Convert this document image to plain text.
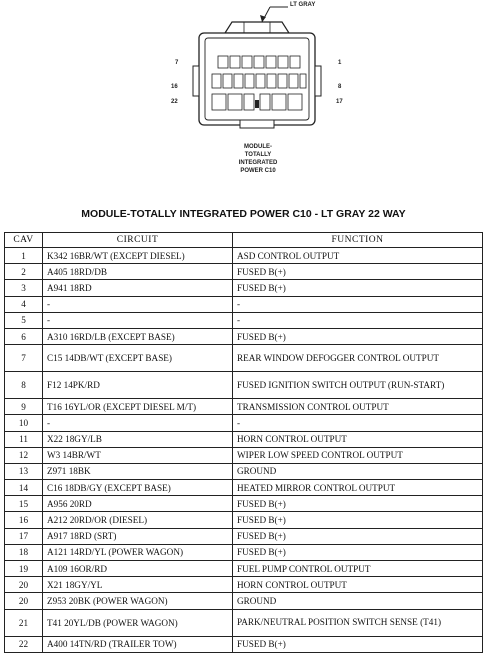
LT GRAY
7	1
16	8
22	17
MODULE-
TOTALLY
INTEGRATED
POWER C10
MODULE-TOTALLY INTEGRATED POWER C10 - LT GRAY 22 WAY
CAV	CIRCUIT	FUNCTION
1	K342 16BR/WT (EXCEPT DIESEL)	ASD CONTROL OUTPUT
2	A405 18RD/DB	FUSED B(+)
3	A941 18RD	FUSED B(+)
4	-	-
5	-	-
6	A310 16RD/LB (EXCEPT BASE)	FUSED B(+)
7	C15 14DB/WT (EXCEPT BASE)	REAR WINDOW DEFOGGER CONTROL OUTPUT
8	F12 14PK/RD	FUSED IGNITION SWITCH OUTPUT (RUN-START)
9	T16 16YL/OR (EXCEPT DIESEL M/T)	TRANSMISSION CONTROL OUTPUT
10	-	-
11	X22 18GY/LB	HORN CONTROL OUTPUT
12	W3 14BR/WT	WIPER LOW SPEED CONTROL OUTPUT
13	Z971 18BK	GROUND
14	C16 18DB/GY (EXCEPT BASE)	HEATED MIRROR CONTROL OUTPUT
15	A956 20RD	FUSED B(+)
16	A212 20RD/OR (DIESEL)	FUSED B(+)
17	A917 18RD (SRT)	FUSED B(+)
18	A121 14RD/YL (POWER WAGON)	FUSED B(+)
19	A109 16OR/RD	FUEL PUMP CONTROL OUTPUT
20	X21 18GY/YL	HORN CONTROL OUTPUT
20	Z953 20BK (POWER WAGON)	GROUND
21	T41 20YL/DB (POWER WAGON)	PARK/NEUTRAL POSITION SWITCH SENSE (T41)
22	A400 14TN/RD (TRAILER TOW)	FUSED B(+)
